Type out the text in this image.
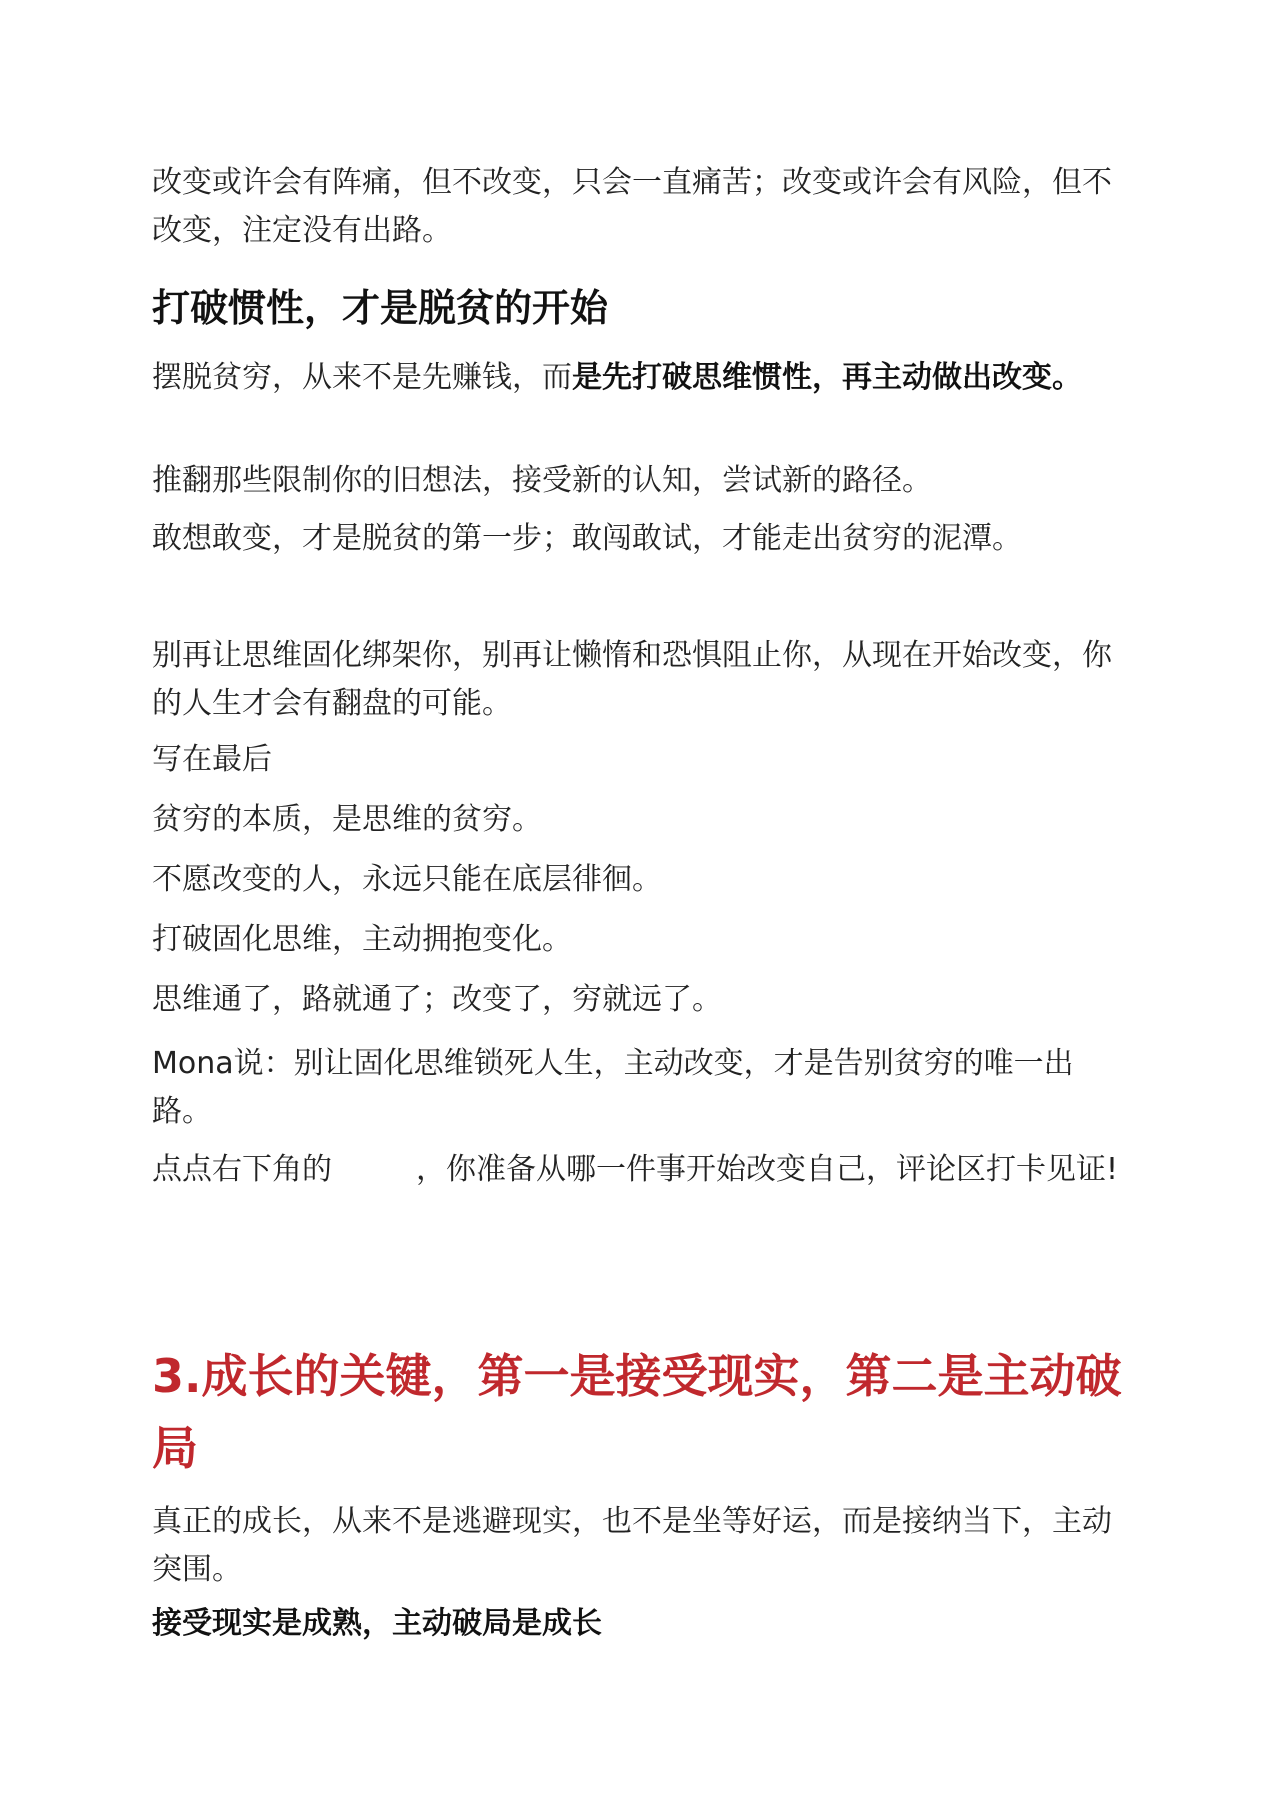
改变或许会有阵痛，但不改变，只会一直痛苦；改变或许会有风险，但不改变，注定没有出路。

打破惯性，才是脱贫的开始

摆脱贫穷，从来不是先赚钱，而是先打破思维惯性，再主动做出改变。

推翻那些限制你的旧想法，接受新的认知，尝试新的路径。

敢想敢变，才是脱贫的第一步；敢闯敢试，才能走出贫穷的泥潭。

别再让思维固化绑架你，别再让懒惰和恐惧阻止你，从现在开始改变，你的人生才会有翻盘的可能。

写在最后

贫穷的本质，是思维的贫穷。

不愿改变的人，永远只能在底层徘徊。

打破固化思维，主动拥抱变化。

思维通了，路就通了；改变了，穷就远了。

Mona说：别让固化思维锁死人生，主动改变，才是告别贫穷的唯一出路。

点点右下角的	，你准备从哪一件事开始改变自己，评论区打卡见证!

3.成长的关键，第一是接受现实，第二是主动破局

真正的成长，从来不是逃避现实，也不是坐等好运，而是接纳当下，主动突围。

接受现实是成熟，主动破局是成长
